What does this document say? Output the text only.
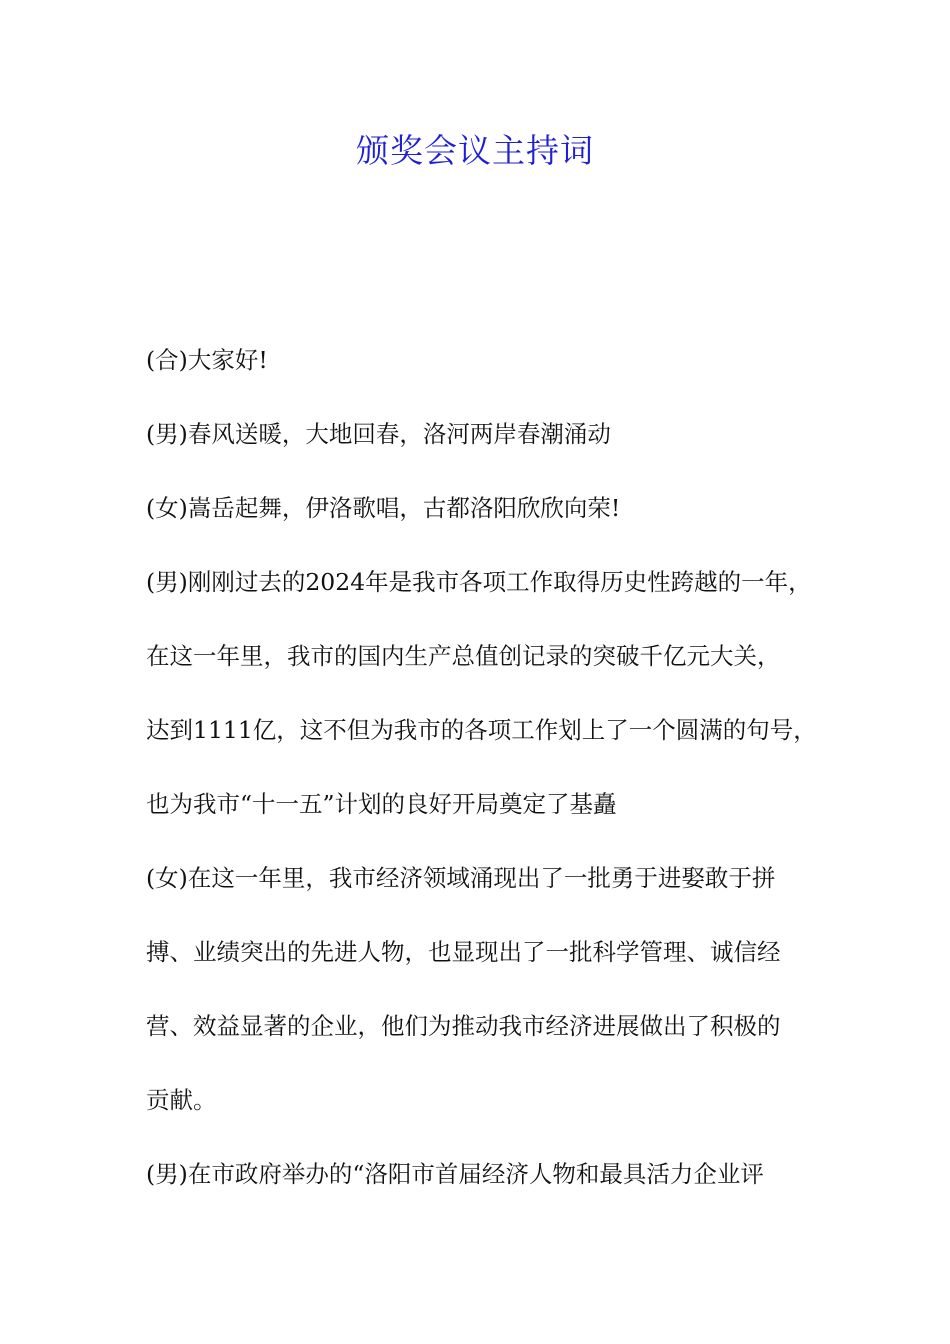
颁奖会议主持词
(合)大家好!
(男)春风送暖，大地回春，洛河两岸春潮涌动
(女)嵩岳起舞，伊洛歌唱，古都洛阳欣欣向荣!
(男)刚刚过去的2024年是我市各项工作取得历史性跨越的一年，
在这一年里，我市的国内生产总值创记录的突破千亿元大关，
达到1111亿，这不但为我市的各项工作划上了一个圆满的句号，
也为我市“十一五”计划的良好开局奠定了基矗
(女)在这一年里，我市经济领域涌现出了一批勇于进娶敢于拼
搏、业绩突出的先进人物，也显现出了一批科学管理、诚信经
营、效益显著的企业，他们为推动我市经济进展做出了积极的
贡献。
(男)在市政府举办的“洛阳市首届经济人物和最具活力企业评
